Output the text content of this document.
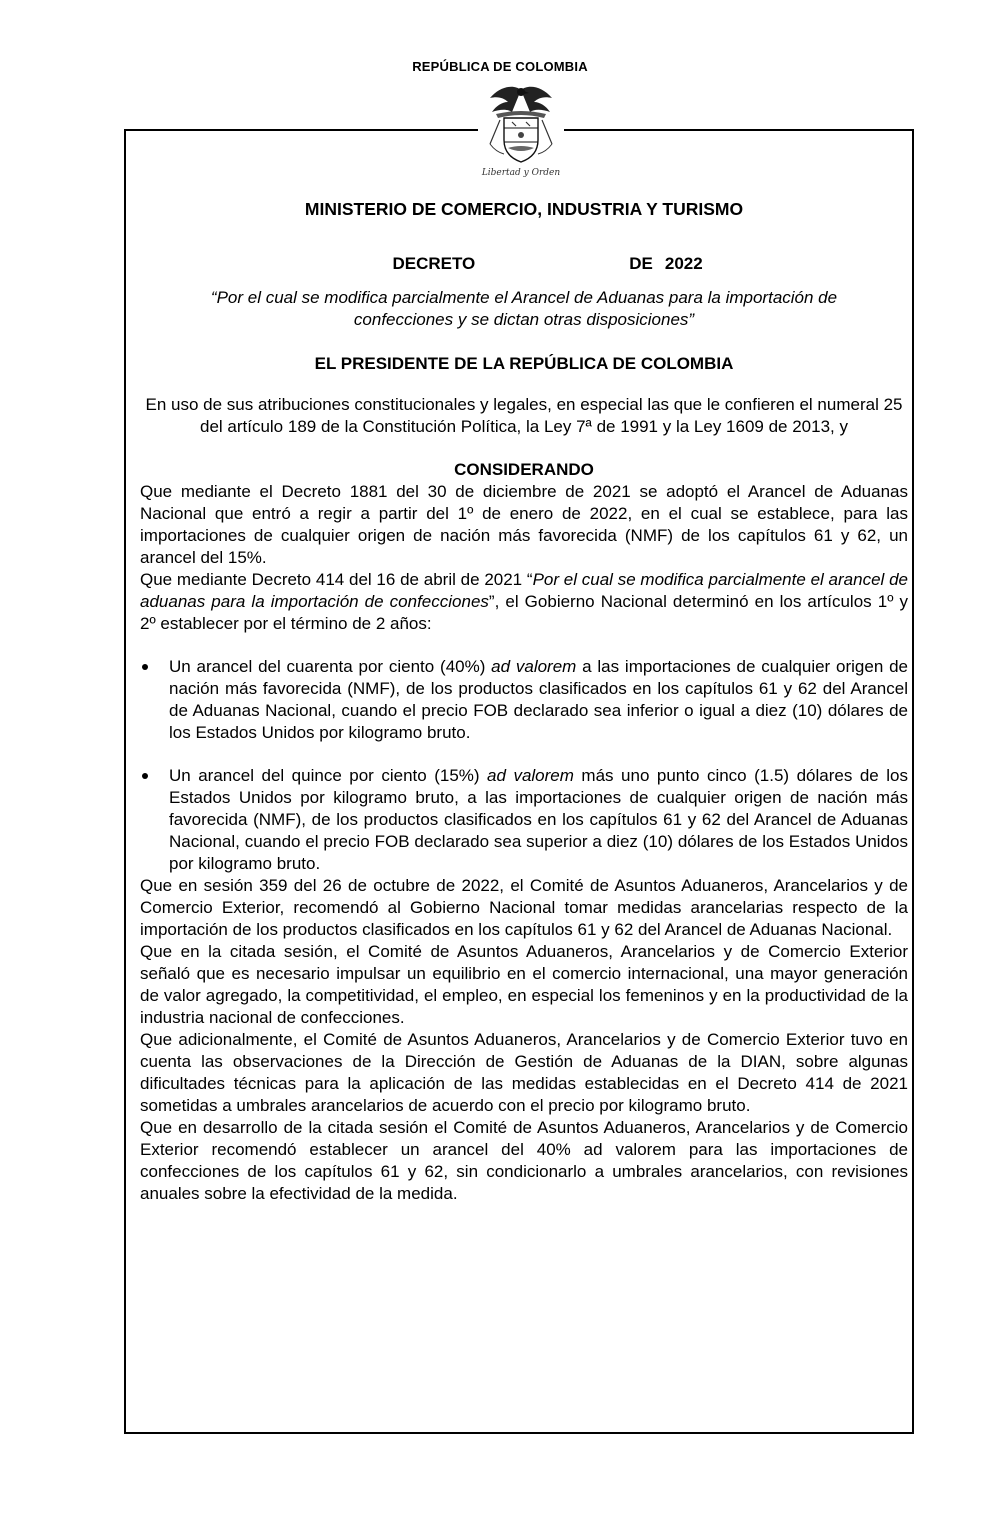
REPÚBLICA DE COLOMBIA
Libertad y Orden
MINISTERIO DE COMERCIO, INDUSTRIA Y TURISMO
DECRETO	DE 2022
“Por el cual se modifica parcialmente el Arancel de Aduanas para la importación de confecciones y se dictan otras disposiciones”
EL PRESIDENTE DE LA REPÚBLICA DE COLOMBIA
En uso de sus atribuciones constitucionales y legales, en especial las que le confieren el numeral 25 del artículo 189 de la Constitución Política, la Ley 7ª de 1991 y la Ley 1609 de 2013, y
CONSIDERANDO

Que mediante el Decreto 1881 del 30 de diciembre de 2021 se adoptó el Arancel de Aduanas Nacional que entró a regir a partir del 1º de enero de 2022, en el cual se establece, para las importaciones de cualquier origen de nación más favorecida (NMF) de los capítulos 61 y 62, un arancel del 15%.

Que mediante Decreto 414 del 16 de abril de 2021 “Por el cual se modifica parcialmente el arancel de aduanas para la importación de confecciones”, el Gobierno Nacional determinó en los artículos 1º y 2º establecer por el término de 2 años:

Un arancel del cuarenta por ciento (40%) ad valorem a las importaciones de cualquier origen de nación más favorecida (NMF), de los productos clasificados en los capítulos 61 y 62 del Arancel de Aduanas Nacional, cuando el precio FOB declarado sea inferior o igual a diez (10) dólares de los Estados Unidos por kilogramo bruto.
Un arancel del quince por ciento (15%) ad valorem más uno punto cinco (1.5) dólares de los Estados Unidos por kilogramo bruto, a las importaciones de cualquier origen de nación más favorecida (NMF), de los productos clasificados en los capítulos 61 y 62 del Arancel de Aduanas Nacional, cuando el precio FOB declarado sea superior a diez (10) dólares de los Estados Unidos por kilogramo bruto.

Que en sesión 359 del 26 de octubre de 2022, el Comité de Asuntos Aduaneros, Arancelarios y de Comercio Exterior, recomendó al Gobierno Nacional tomar medidas arancelarias respecto de la importación de los productos clasificados en los capítulos 61 y 62 del Arancel de Aduanas Nacional.

Que en la citada sesión, el Comité de Asuntos Aduaneros, Arancelarios y de Comercio Exterior señaló que es necesario impulsar un equilibrio en el comercio internacional, una mayor generación de valor agregado, la competitividad, el empleo, en especial los femeninos y en la productividad de la industria nacional de confecciones.

Que adicionalmente, el Comité de Asuntos Aduaneros, Arancelarios y de Comercio Exterior tuvo en cuenta las observaciones de la Dirección de Gestión de Aduanas de la DIAN, sobre algunas dificultades técnicas para la aplicación de las medidas establecidas en el Decreto 414 de 2021 sometidas a umbrales arancelarios de acuerdo con el precio por kilogramo bruto.

Que en desarrollo de la citada sesión el Comité de Asuntos Aduaneros, Arancelarios y de Comercio Exterior recomendó establecer un arancel del 40% ad valorem para las importaciones de confecciones de los capítulos 61 y 62, sin condicionarlo a umbrales arancelarios, con revisiones anuales sobre la efectividad de la medida.
